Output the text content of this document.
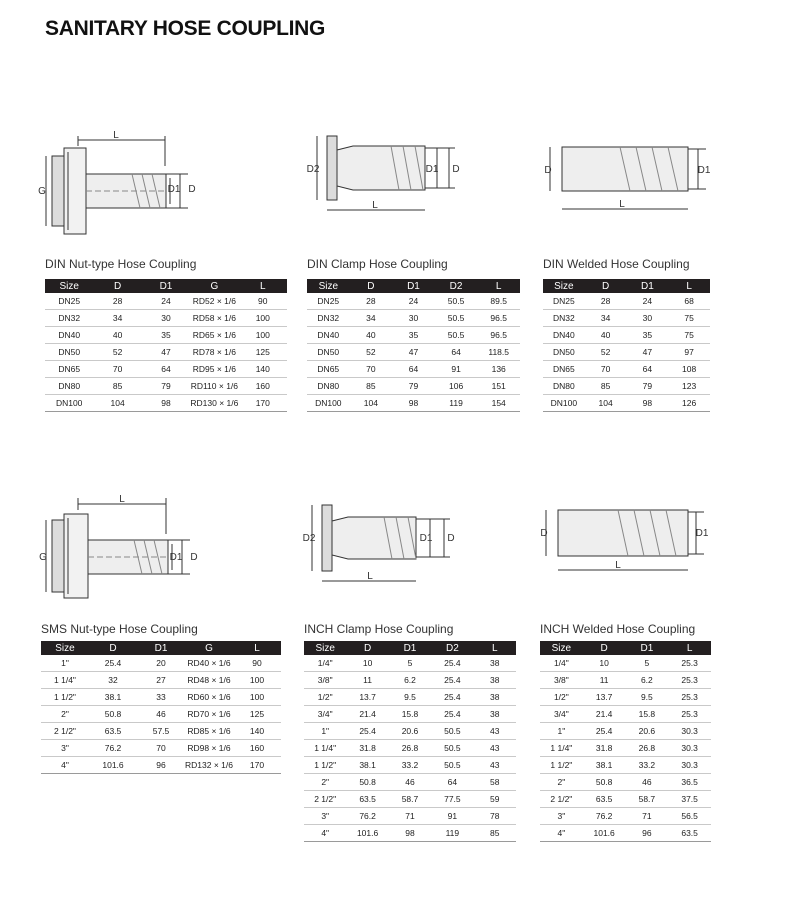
SANITARY HOSE COUPLING
L
G	D1 D
D2	D1 D
L
D	D1
L
L
G	D1 D
D2	D1 D
L
D	D1
L
DIN Nut-type Hose Coupling	DIN Clamp Hose Coupling	DIN Welded Hose Coupling
SMS Nut-type Hose Coupling	INCH Clamp Hose Coupling	INCH Welded Hose Coupling
Size	D	D1	G	L
DN25	28	24	RD52 × 1/6	90
DN32	34	30	RD58 × 1/6	100
DN40	40	35	RD65 × 1/6	100
DN50	52	47	RD78 × 1/6	125
DN65	70	64	RD95 × 1/6	140
DN80	85	79	RD110 × 1/6	160
DN100	104	98	RD130 × 1/6	170
Size	D	D1	D2	L
DN25	28	24	50.5	89.5
DN32	34	30	50.5	96.5
DN40	40	35	50.5	96.5
DN50	52	47	64	118.5
DN65	70	64	91	136
DN80	85	79	106	151
DN100	104	98	119	154
Size	D	D1	L
DN25	28	24	68
DN32	34	30	75
DN40	40	35	75
DN50	52	47	97
DN65	70	64	108
DN80	85	79	123
DN100	104	98	126
Size	D	D1	G	L
1"	25.4	20	RD40 × 1/6	90
1 1/4"	32	27	RD48 × 1/6	100
1 1/2"	38.1	33	RD60 × 1/6	100
2"	50.8	46	RD70 × 1/6	125
2 1/2"	63.5	57.5	RD85 × 1/6	140
3"	76.2	70	RD98 × 1/6	160
4"	101.6	96	RD132 × 1/6	170
Size	D	D1	D2	L
1/4"	10	5	25.4	38
3/8"	11	6.2	25.4	38
1/2"	13.7	9.5	25.4	38
3/4"	21.4	15.8	25.4	38
1"	25.4	20.6	50.5	43
1 1/4"	31.8	26.8	50.5	43
1 1/2"	38.1	33.2	50.5	43
2"	50.8	46	64	58
2 1/2"	63.5	58.7	77.5	59
3"	76.2	71	91	78
4"	101.6	98	119	85
Size	D	D1	L
1/4"	10	5	25.3
3/8"	11	6.2	25.3
1/2"	13.7	9.5	25.3
3/4"	21.4	15.8	25.3
1"	25.4	20.6	30.3
1 1/4"	31.8	26.8	30.3
1 1/2"	38.1	33.2	30.3
2"	50.8	46	36.5
2 1/2"	63.5	58.7	37.5
3"	76.2	71	56.5
4"	101.6	96	63.5
